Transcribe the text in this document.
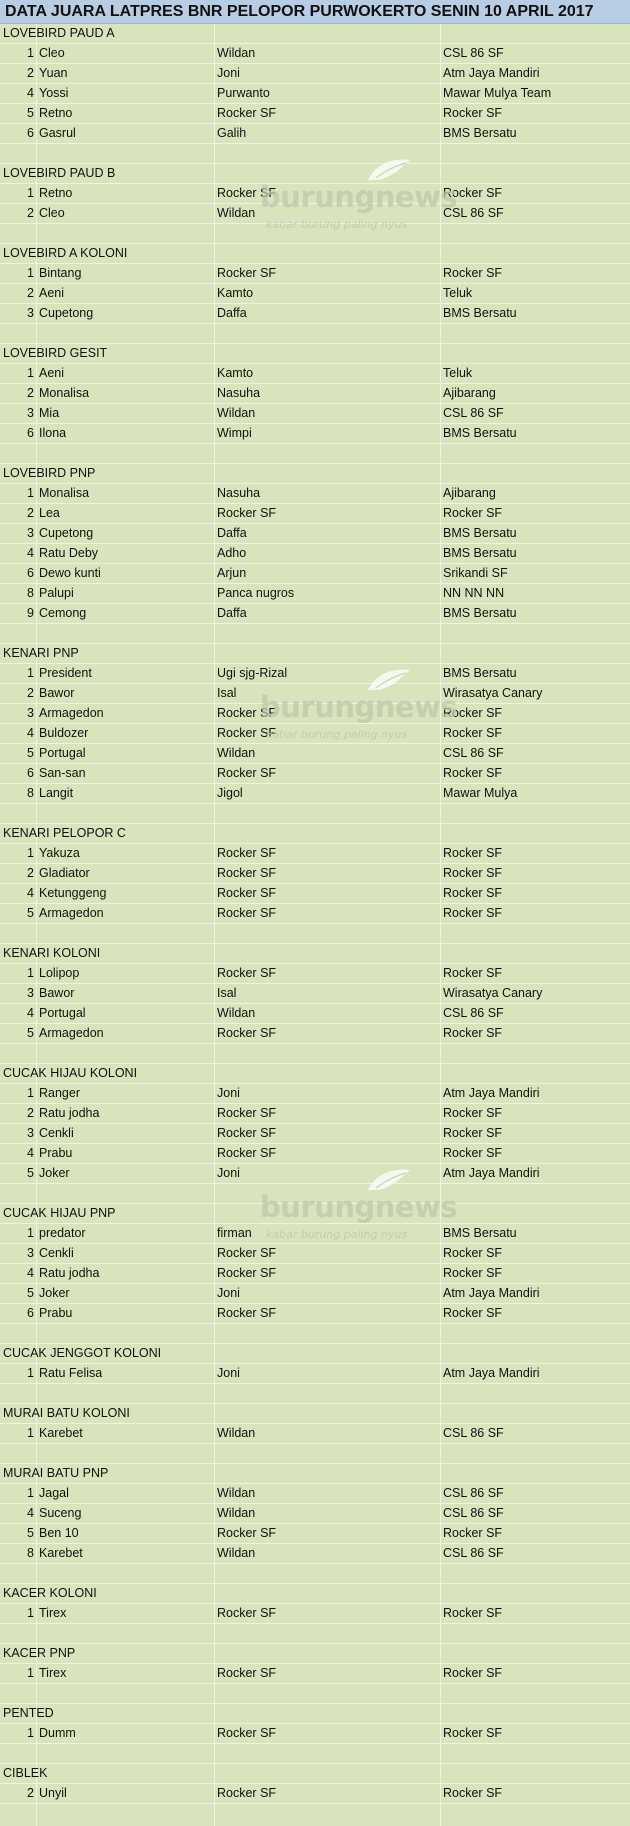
DATA JUARA LATPRES BNR PELOPOR PURWOKERTO SENIN 10 APRIL 2017
LOVEBIRD PAUD A
1 Cleo	Wildan	CSL 86 SF
2 Yuan	Joni	Atm Jaya Mandiri
4 Yossi	Purwanto	Mawar Mulya Team
5 Retno	Rocker SF	Rocker SF
6 Gasrul	Galih	BMS Bersatu
LOVEBIRD PAUD B
1 Retno	Rocker SF	Rocker SF
2 Cleo	Wildan	CSL 86 SF
LOVEBIRD A KOLONI
1 Bintang	Rocker SF	Rocker SF
2 Aeni	Kamto	Teluk
3 Cupetong	Daffa	BMS Bersatu
LOVEBIRD GESIT
1 Aeni	Kamto	Teluk
2 Monalisa	Nasuha	Ajibarang
3 Mia	Wildan	CSL 86 SF
6 Ilona	Wimpi	BMS Bersatu
LOVEBIRD PNP
1 Monalisa	Nasuha	Ajibarang
2 Lea	Rocker SF	Rocker SF
3 Cupetong	Daffa	BMS Bersatu
4 Ratu Deby	Adho	BMS Bersatu
6 Dewo kunti	Arjun	Srikandi SF
8 Palupi	Panca nugros	NN NN NN
9 Cemong	Daffa	BMS Bersatu
KENARI PNP
1 President	Ugi sjg-Rizal	BMS Bersatu
2 Bawor	Isal	Wirasatya Canary
3 Armagedon	Rocker SF	Rocker SF
4 Buldozer	Rocker SF	Rocker SF
5 Portugal	Wildan	CSL 86 SF
6 San-san	Rocker SF	Rocker SF
8 Langit	Jigol	Mawar Mulya
KENARI PELOPOR C
1 Yakuza	Rocker SF	Rocker SF
2 Gladiator	Rocker SF	Rocker SF
4 Ketunggeng	Rocker SF	Rocker SF
5 Armagedon	Rocker SF	Rocker SF
KENARI KOLONI
1 Lolipop	Rocker SF	Rocker SF
3 Bawor	Isal	Wirasatya Canary
4 Portugal	Wildan	CSL 86 SF
5 Armagedon	Rocker SF	Rocker SF
CUCAK HIJAU KOLONI
1 Ranger	Joni	Atm Jaya Mandiri
2 Ratu jodha	Rocker SF	Rocker SF
3 Cenkli	Rocker SF	Rocker SF
4 Prabu	Rocker SF	Rocker SF
5 Joker	Joni	Atm Jaya Mandiri
CUCAK HIJAU PNP
1 predator	firman	BMS Bersatu
3 Cenkli	Rocker SF	Rocker SF
4 Ratu jodha	Rocker SF	Rocker SF
5 Joker	Joni	Atm Jaya Mandiri
6 Prabu	Rocker SF	Rocker SF
CUCAK JENGGOT KOLONI
1 Ratu Felisa	Joni	Atm Jaya Mandiri
MURAI BATU KOLONI
1 Karebet	Wildan	CSL 86 SF
MURAI BATU PNP
1 Jagal	Wildan	CSL 86 SF
4 Suceng	Wildan	CSL 86 SF
5 Ben 10	Rocker SF	Rocker SF
8 Karebet	Wildan	CSL 86 SF
KACER KOLONI
1 Tirex	Rocker SF	Rocker SF
KACER PNP
1 Tirex	Rocker SF	Rocker SF
PENTED
1 Dumm	Rocker SF	Rocker SF
CIBLEK
2 Unyil	Rocker SF	Rocker SF
burungnews
kabar burung paling nyus
burungnews
kabar burung paling nyus
burungnews
kabar burung paling nyus
